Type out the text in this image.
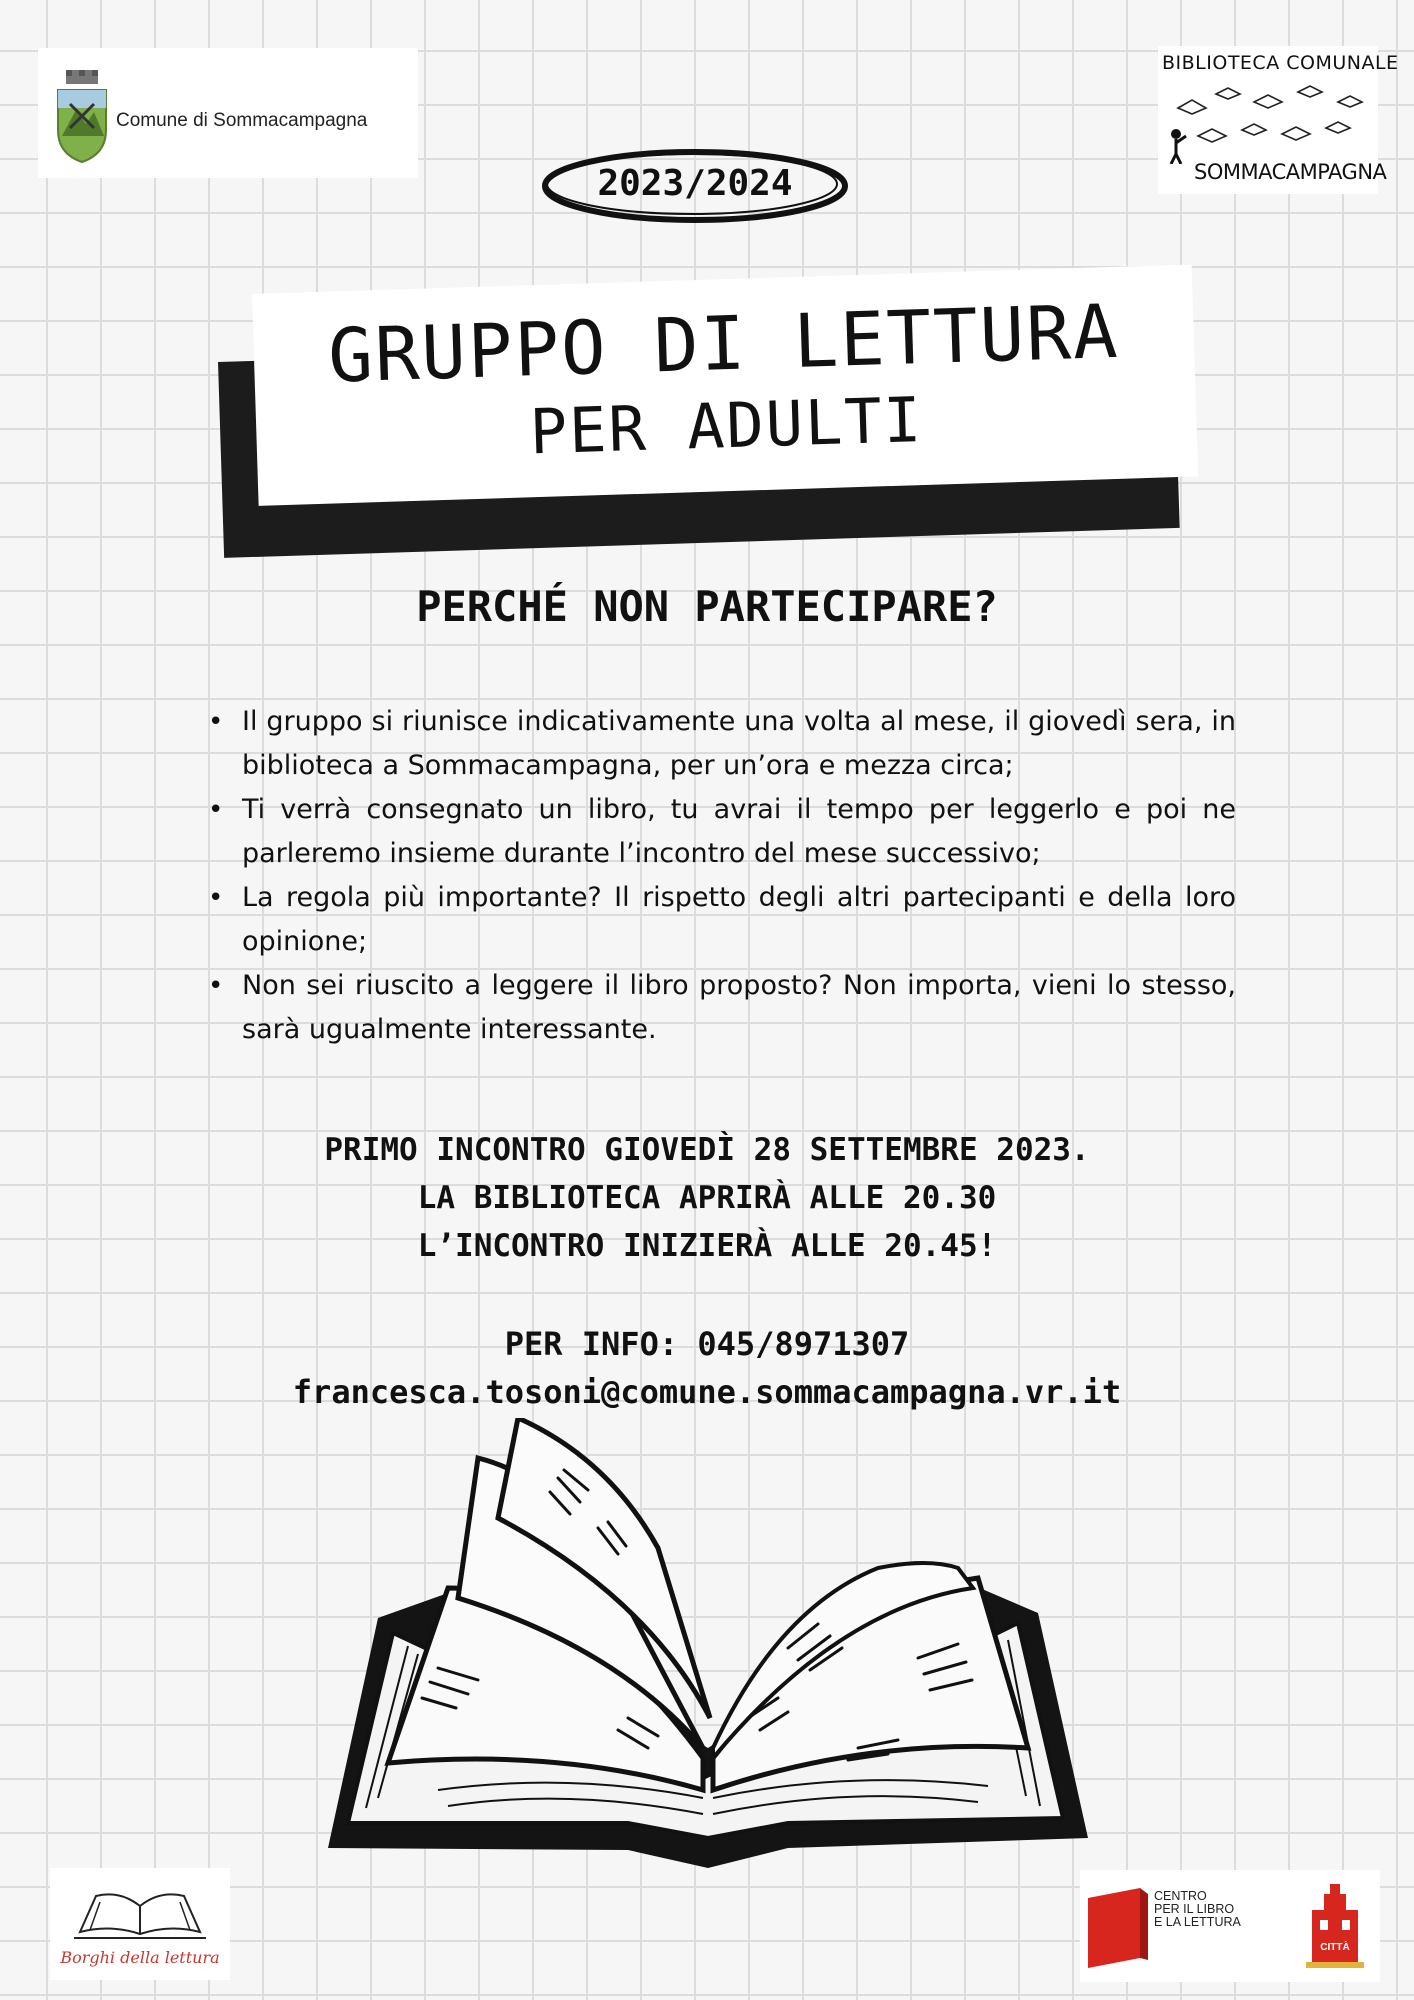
Comune di Sommacampagna
BIBLIOTECA COMUNALE
SOMMACAMPAGNA
2023/2024
GRUPPO DI LETTURA
PER ADULTI
PERCHÉ NON PARTECIPARE?
• Il gruppo si riunisce indicativamente una volta al mese, il giovedì sera, in biblioteca a Sommacampagna, per un’ora e mezza circa;
• Ti verrà consegnato un libro, tu avrai il tempo per leggerlo e poi ne parleremo insieme durante l’incontro del mese successivo;
• La regola più importante? Il rispetto degli altri partecipanti e della loro opinione;
• Non sei riuscito a leggere il libro proposto? Non importa, vieni lo stesso, sarà ugualmente interessante.
PRIMO INCONTRO GIOVEDÌ 28 SETTEMBRE 2023.
LA BIBLIOTECA APRIRÀ ALLE 20.30
L’INCONTRO INIZIERÀ ALLE 20.45!
PER INFO: 045/8971307
francesca.tosoni@comune.sommacampagna.vr.it
Borghi della lettura
CENTRO
PER IL LIBRO
E LA LETTURA
CITTÀ
